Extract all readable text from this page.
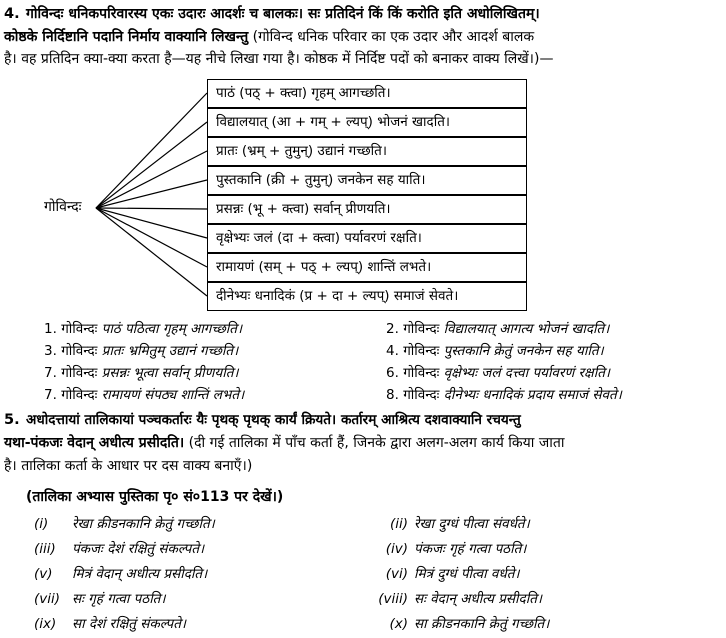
4. गोविन्दः धनिकपरिवारस्य एकः उदारः आदर्शः च बालकः। सः प्रतिदिनं किं किं करोति इति अधोलिखितम्।
कोष्ठके निर्दिष्टानि पदानि निर्माय वाक्यानि लिखन्तु (गोविन्द धनिक परिवार का एक उदार और आदर्श बालक
है। वह प्रतिदिन क्या-क्या करता है—यह नीचे लिखा गया है। कोष्ठक में निर्दिष्ट पदों को बनाकर वाक्य लिखें।)—
गोविन्दः
पाठं (पठ् + क्त्वा) गृहम् आगच्छति।
विद्यालयात् (आ + गम् + ल्यप्) भोजनं खादति।
प्रातः (भ्रम् + तुमुन्) उद्यानं गच्छति।
पुस्तकानि (क्री + तुमुन्) जनकेन सह याति।
प्रसन्नः (भू + क्त्वा) सर्वान् प्रीणयति।
वृक्षेभ्यः जलं (दा + क्त्वा) पर्यावरणं रक्षति।
रामायणं (सम् + पठ् + ल्यप्) शान्तिं लभते।
दीनेभ्यः धनादिकं (प्र + दा + ल्यप्) समाजं सेवते।
1. गोविन्दः पाठं पठित्वा गृहम् आगच्छति।
3. गोविन्दः प्रातः भ्रमितुम् उद्यानं गच्छति।
7. गोविन्दः प्रसन्नः भूत्वा सर्वान् प्रीणयति।
7. गोविन्दः रामायणं संपठ्य शान्तिं लभते।
2. गोविन्दः विद्यालयात् आगत्य भोजनं खादति।
4. गोविन्दः पुस्तकानि क्रेतुं जनकेन सह याति।
6. गोविन्दः वृक्षेभ्यः जलं दत्त्वा पर्यावरणं रक्षति।
8. गोविन्दः दीनेभ्यः धनादिकं प्रदाय समाजं सेवते।
5. अधोदत्तायां तालिकायां पञ्चकर्तारः यैः पृथक् पृथक् कार्यं क्रियते। कर्तारम् आश्रित्य दशवाक्यानि रचयन्तु
यथा-पंकजः वेदान् अधीत्य प्रसीदति। (दी गई तालिका में पाँच कर्ता हैं, जिनके द्वारा अलग-अलग कार्य किया जाता
है। तालिका कर्ता के आधार पर दस वाक्य बनाएँ।)
(तालिका अभ्यास पुस्तिका पृ० सं०113 पर देखें।)
(i) रेखा क्रीडनकानि क्रेतुं गच्छति।
(iii) पंकजः देशं रक्षितुं संकल्पते।
(v) मित्रं वेदान् अधीत्य प्रसीदति।
(vii) सः गृहं गत्वा पठति।
(ix) सा देशं रक्षितुं संकल्पते।
(ii) रेखा दुग्धं पीत्वा संवर्धते।
(iv) पंकजः गृहं गत्वा पठति।
(vi) मित्रं दुग्धं पीत्वा वर्धते।
(viii) सः वेदान् अधीत्य प्रसीदति।
(x) सा क्रीडनकानि क्रेतुं गच्छति।
